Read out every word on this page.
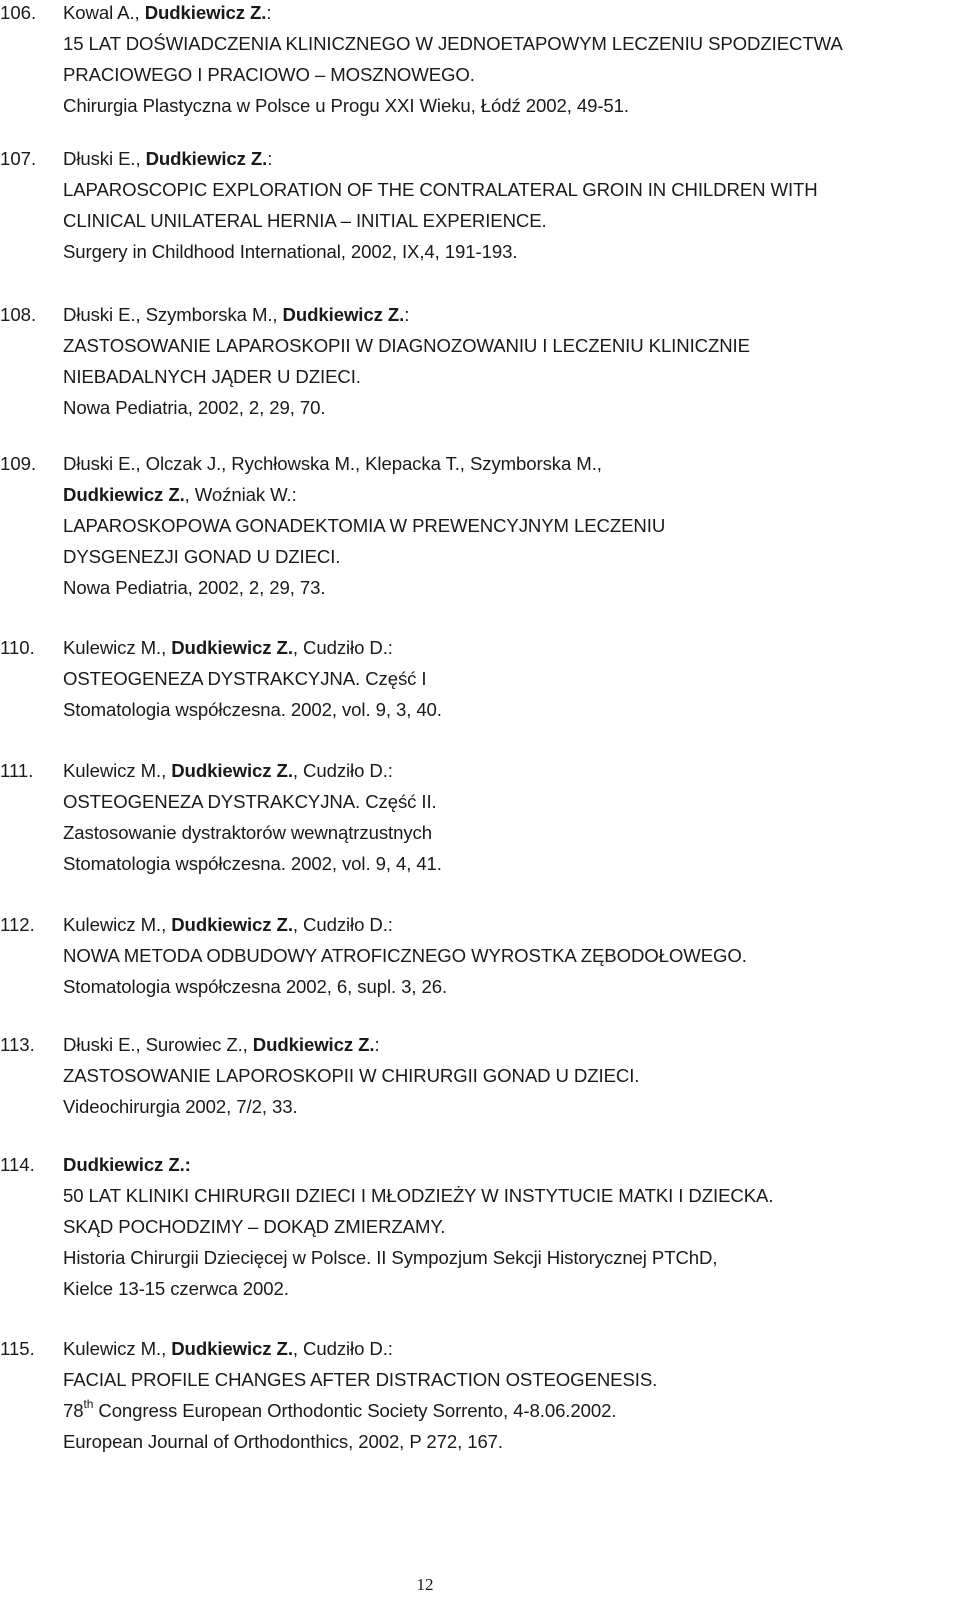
106. Kowal A., Dudkiewicz Z.:
15 LAT DOŚWIADCZENIA KLINICZNEGO W JEDNOETAPOWYM LECZENIU SPODZIECTWA
PRACIOWEGO I PRACIOWO – MOSZNOWEGO.
Chirurgia Plastyczna w Polsce u Progu XXI Wieku, Łódź 2002, 49-51.
107. Dłuski E., Dudkiewicz Z.:
LAPAROSCOPIC EXPLORATION OF THE CONTRALATERAL GROIN IN CHILDREN WITH
CLINICAL UNILATERAL HERNIA – INITIAL EXPERIENCE.
Surgery in Childhood International, 2002, IX,4, 191-193.
108. Dłuski E., Szymborska M., Dudkiewicz Z.:
ZASTOSOWANIE LAPAROSKOPII W DIAGNOZOWANIU I LECZENIU KLINICZNIE
NIEBADALNYCH JĄDER U DZIECI.
Nowa Pediatria, 2002, 2, 29, 70.
109. Dłuski E., Olczak J., Rychłowska M., Klepacka T., Szymborska M.,
Dudkiewicz Z., Woźniak W.:
LAPAROSKOPOWA GONADEKTOMIA W PREWENCYJNYM LECZENIU
DYSGENEZJI GONAD U DZIECI.
Nowa Pediatria, 2002, 2, 29, 73.
110. Kulewicz M., Dudkiewicz Z., Cudziło D.:
OSTEOGENEZA DYSTRAKCYJNA. Część I
Stomatologia współczesna. 2002, vol. 9, 3, 40.
111. Kulewicz M., Dudkiewicz Z., Cudziło D.:
OSTEOGENEZA DYSTRAKCYJNA. Część II.
Zastosowanie dystraktorów wewnątrzustnych
Stomatologia współczesna. 2002, vol. 9, 4, 41.
112. Kulewicz M., Dudkiewicz Z., Cudziło D.:
NOWA METODA ODBUDOWY ATROFICZNEGO WYROSTKA ZĘBODOŁOWEGO.
Stomatologia współczesna 2002, 6, supl. 3, 26.
113. Dłuski E., Surowiec Z., Dudkiewicz Z.:
ZASTOSOWANIE LAPOROSKOPII W CHIRURGII GONAD U DZIECI.
Videochirurgia 2002, 7/2, 33.
114. Dudkiewicz Z.:
50 LAT KLINIKI CHIRURGII DZIECI I MŁODZIEŻY W INSTYTUCIE MATKI I DZIECKA.
SKĄD POCHODZIMY – DOKĄD ZMIERZAMY.
Historia Chirurgii Dziecięcej w Polsce. II Sympozjum Sekcji Historycznej PTChD,
Kielce 13-15 czerwca 2002.
115. Kulewicz M., Dudkiewicz Z., Cudziło D.:
FACIAL PROFILE CHANGES AFTER DISTRACTION OSTEOGENESIS.
78th Congress European Orthodontic Society Sorrento, 4-8.06.2002.
European Journal of Orthodonthics, 2002, P 272, 167.
12
